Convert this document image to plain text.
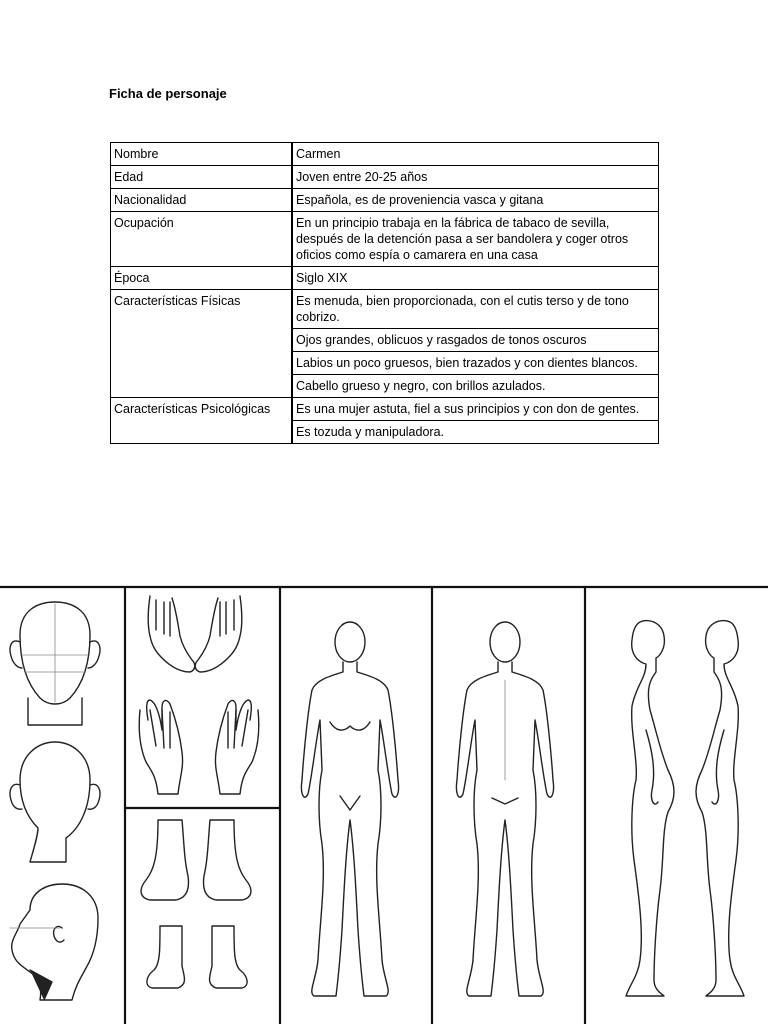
Ficha de personaje
Nombre	Carmen
Edad	Joven entre 20-25 años
Nacionalidad	Española, es de proveniencia vasca y gitana
Ocupación	En un principio trabaja en la fábrica de tabaco de sevilla, después de la detención pasa a ser bandolera y coger otros oficios como espía o camarera en una casa
Época	Siglo XIX
Características Físicas	Es menuda, bien proporcionada, con el cutis terso y de tono cobrizo.
	Ojos grandes, oblicuos y rasgados de tonos oscuros
	Labios un poco gruesos, bien trazados y con dientes blancos.
	Cabello grueso y negro, con brillos azulados.
Características Psicológicas	Es una mujer astuta, fiel a sus principios y con don de gentes.
	Es tozuda y manipuladora.
